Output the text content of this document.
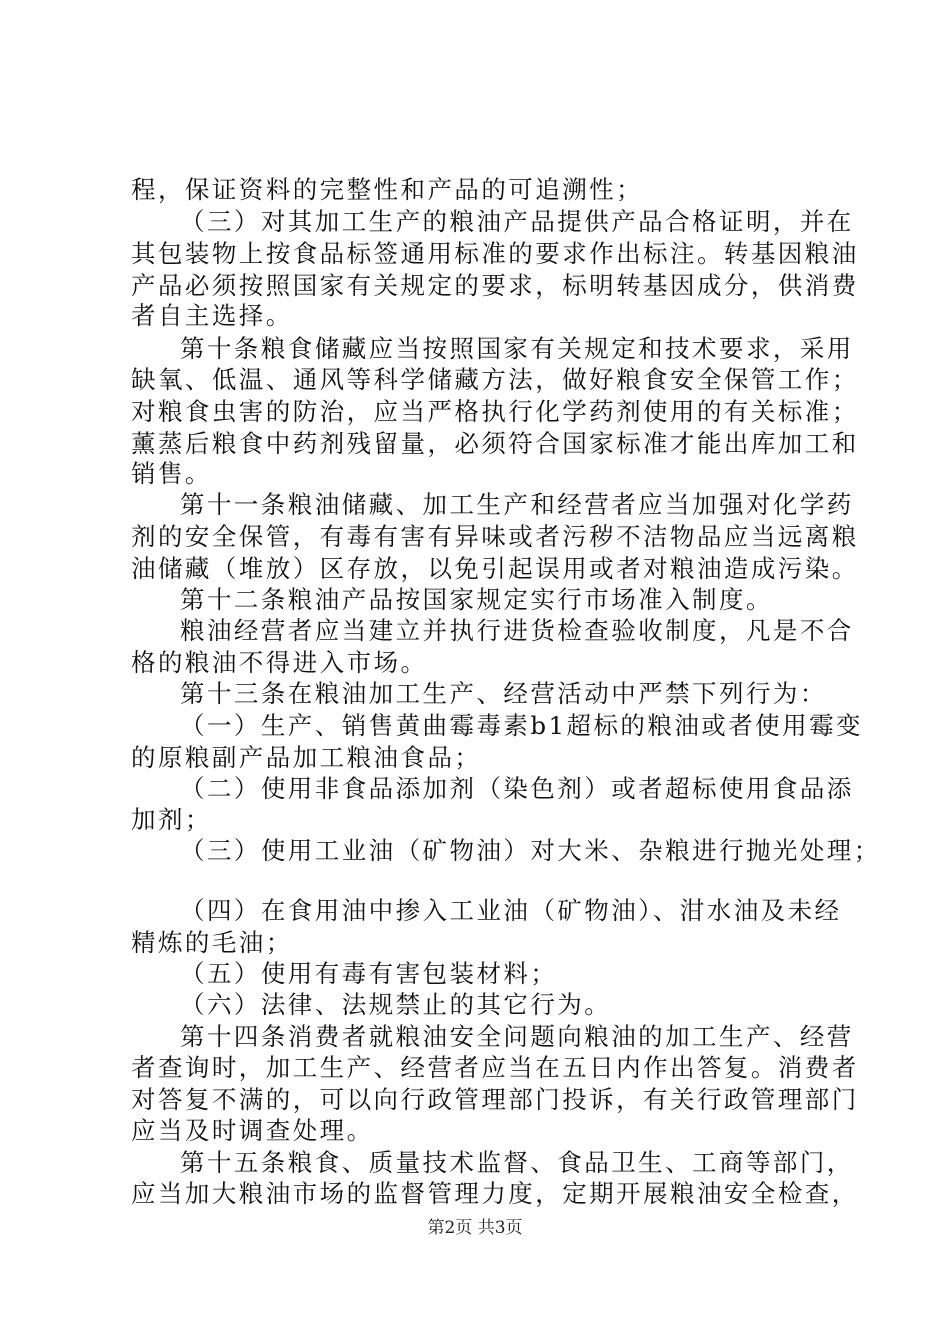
程，保证资料的完整性和产品的可追溯性；

（三）对其加工生产的粮油产品提供产品合格证明，并在

其包装物上按食品标签通用标准的要求作出标注。转基因粮油

产品必须按照国家有关规定的要求，标明转基因成分，供消费

者自主选择。

第十条粮食储藏应当按照国家有关规定和技术要求，采用

缺氧、低温、通风等科学储藏方法，做好粮食安全保管工作；

对粮食虫害的防治，应当严格执行化学药剂使用的有关标准；

薰蒸后粮食中药剂残留量，必须符合国家标准才能出库加工和

销售。

第十一条粮油储藏、加工生产和经营者应当加强对化学药

剂的安全保管，有毒有害有异味或者污秽不洁物品应当远离粮

油储藏（堆放）区存放，以免引起误用或者对粮油造成污染。

第十二条粮油产品按国家规定实行市场准入制度。

粮油经营者应当建立并执行进货检查验收制度，凡是不合

格的粮油不得进入市场。

第十三条在粮油加工生产、经营活动中严禁下列行为：

（一）生产、销售黄曲霉毒素b1超标的粮油或者使用霉变

的原粮副产品加工粮油食品；

（二）使用非食品添加剂（染色剂）或者超标使用食品添

加剂；

（三）使用工业油（矿物油）对大米、杂粮进行抛光处理；

（四）在食用油中掺入工业油（矿物油）、泔水油及未经

精炼的毛油；

（五）使用有毒有害包装材料；

（六）法律、法规禁止的其它行为。

第十四条消费者就粮油安全问题向粮油的加工生产、经营

者查询时，加工生产、经营者应当在五日内作出答复。消费者

对答复不满的，可以向行政管理部门投诉，有关行政管理部门

应当及时调查处理。

第十五条粮食、质量技术监督、食品卫生、工商等部门，

应当加大粮油市场的监督管理力度，定期开展粮油安全检查，

第2页 共3页
